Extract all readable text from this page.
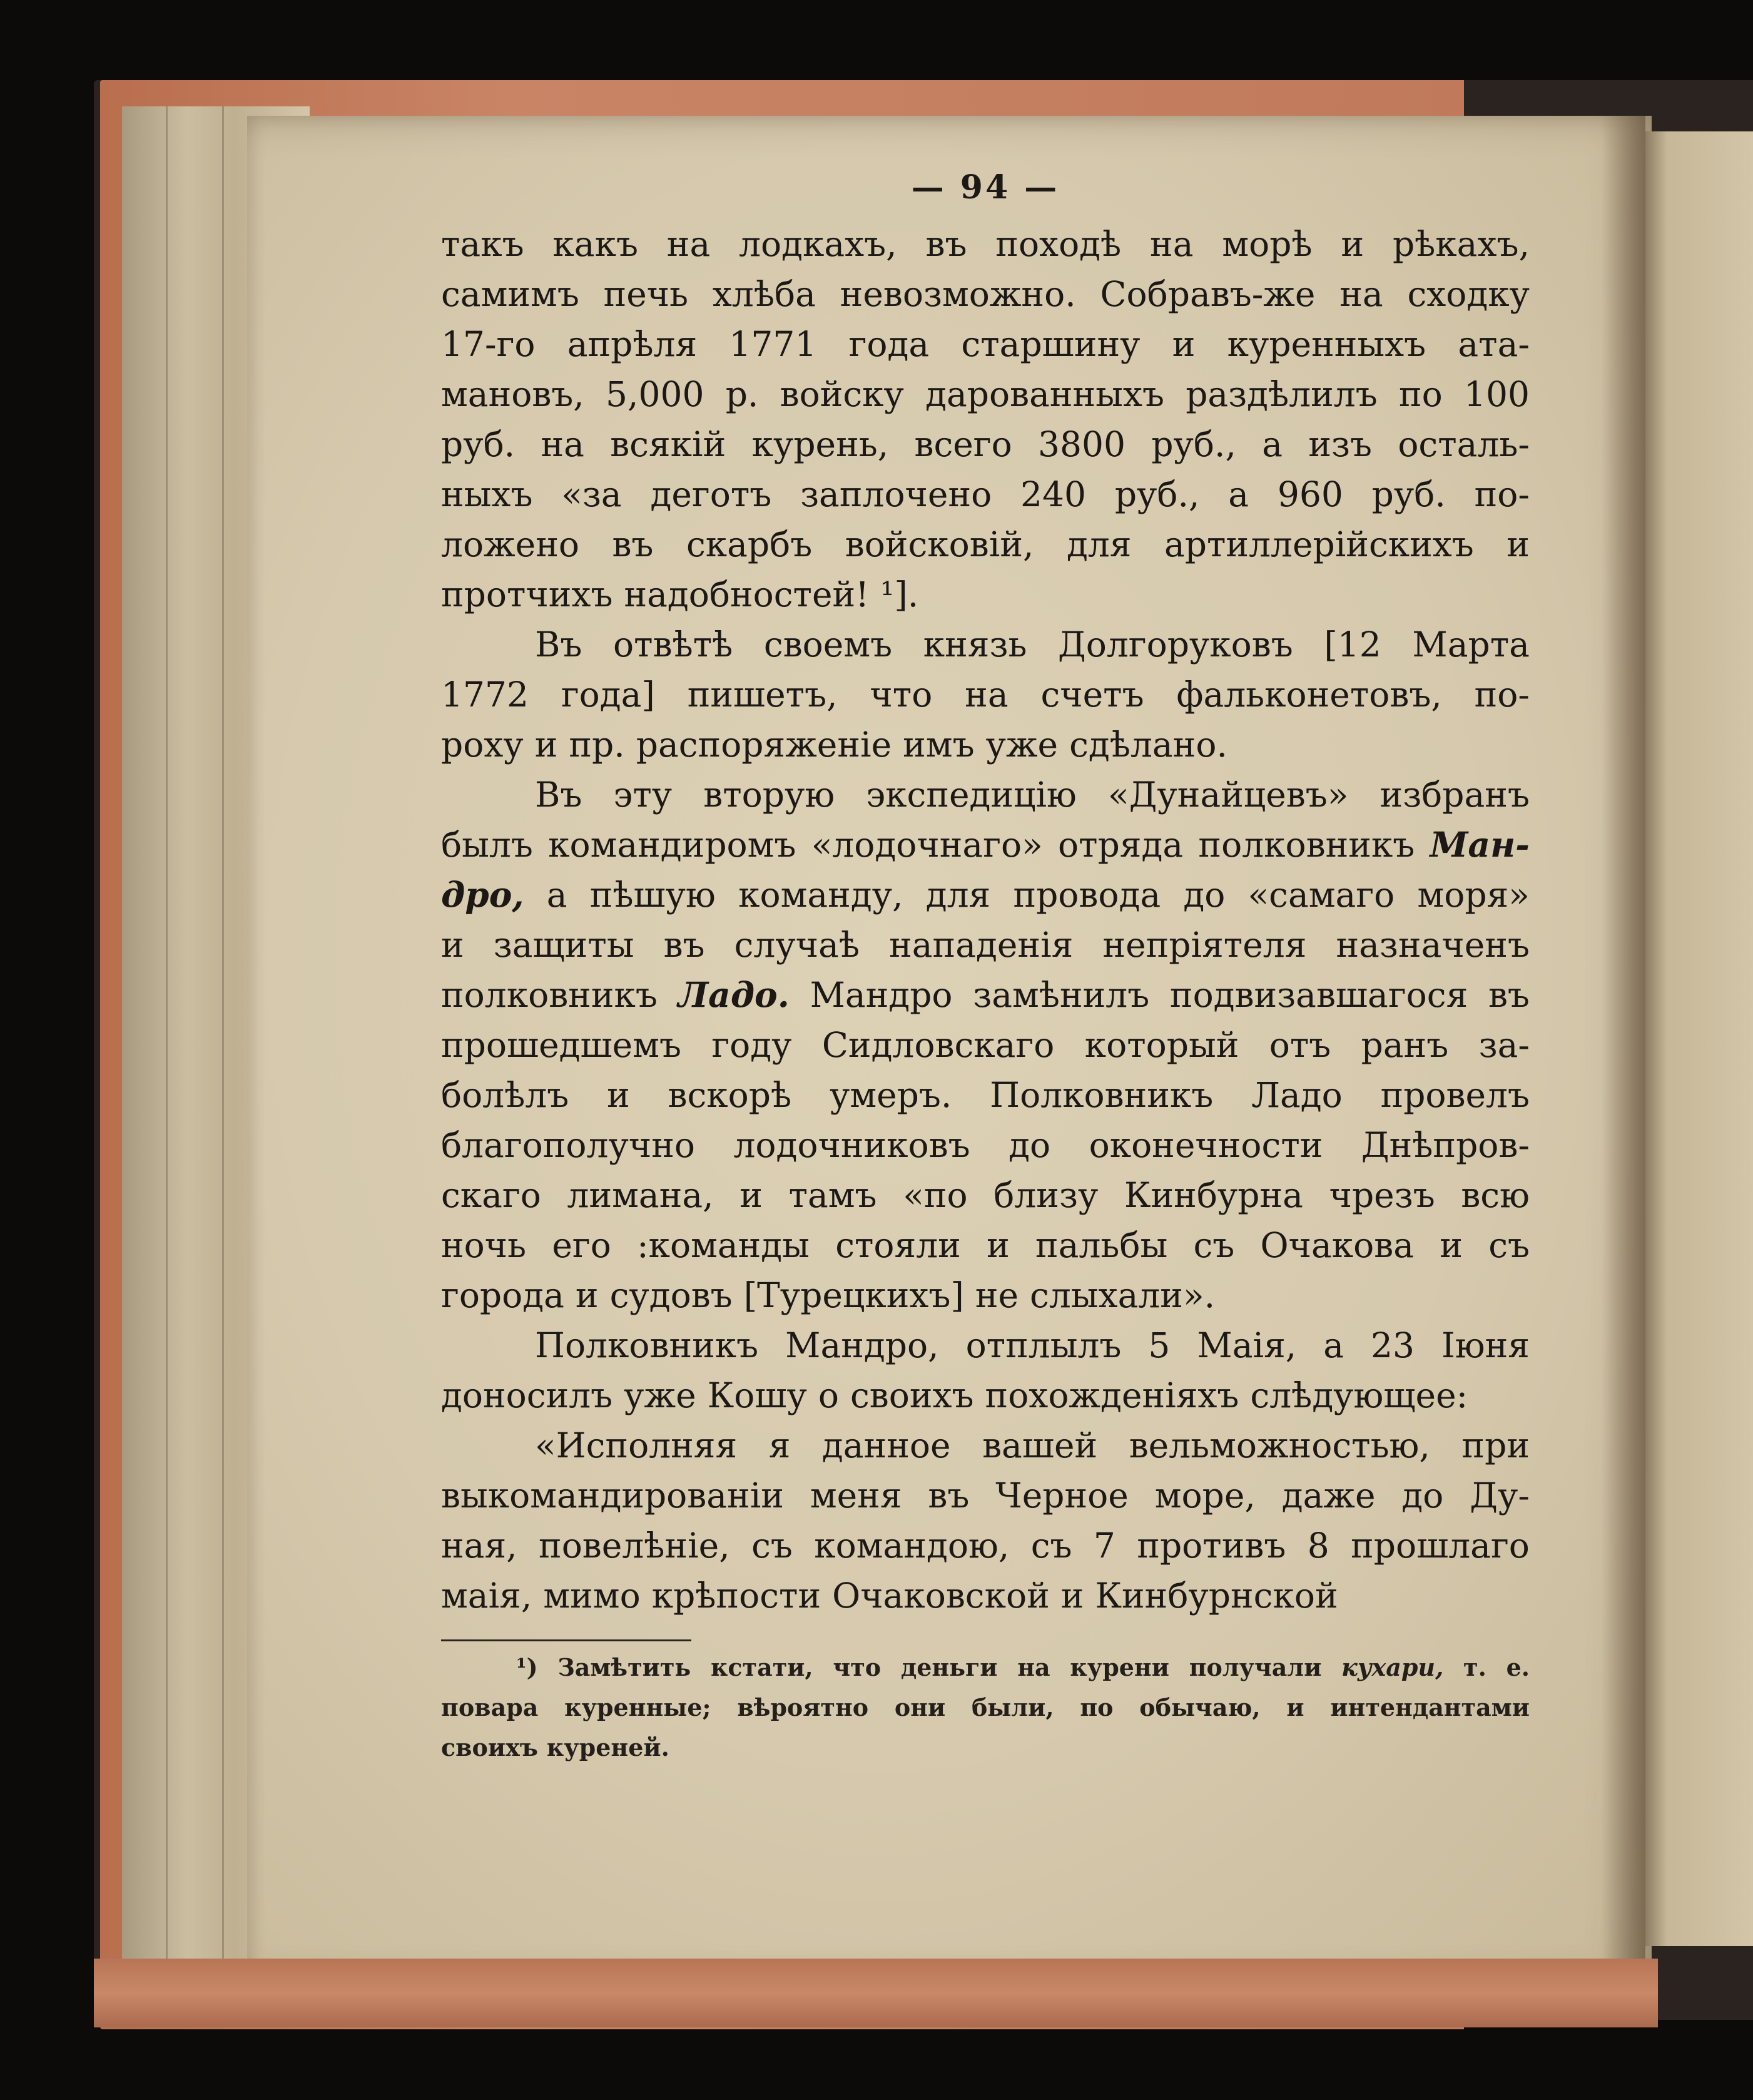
— 94 —
такъ какъ на лодкахъ, въ походѣ на морѣ и рѣкахъ,
самимъ печь хлѣба невозможно. Собравъ-же на сходку
17-го апрѣля 1771 года старшину и куренныхъ ата-
мановъ, 5,000 р. войску дарованныхъ раздѣлилъ по 100
руб. на всякій курень, всего 3800 руб., а изъ осталь-
ныхъ «за деготъ заплочено 240 руб., а 960 руб. по-
ложено въ скарбъ войсковій, для артиллерійскихъ и
протчихъ надобностей! ¹].
Въ отвѣтѣ своемъ князь Долгоруковъ [12 Марта
1772 года] пишетъ, что на счетъ фальконетовъ, по-
роху и пр. распоряженіе имъ уже сдѣлано.
Въ эту вторую экспедицію «Дунайцевъ» избранъ
былъ командиромъ «лодочнаго» отряда полковникъ Ман-
дро, а пѣшую команду, для провода до «самаго моря»
и защиты въ случаѣ нападенія непріятеля назначенъ
полковникъ Ладо. Мандро замѣнилъ подвизавшагося въ
прошедшемъ году Сидловскаго который отъ ранъ за-
болѣлъ и вскорѣ умеръ. Полковникъ Ладо провелъ
благополучно лодочниковъ до оконечности Днѣпров-
скаго лимана, и тамъ «по близу Кинбурна чрезъ всю
ночь его :команды стояли и пальбы съ Очакова и съ
города и судовъ [Турецкихъ] не слыхали».
Полковникъ Мандро, отплылъ 5 Маія, а 23 Іюня
доносилъ уже Кошу о своихъ похожденіяхъ слѣдующее:
«Исполняя я данное вашей вельможностью, при
выкомандированіи меня въ Черное море, даже до Ду-
ная, повелѣніе, съ командою, съ 7 противъ 8 прошлаго
маія, мимо крѣпости Очаковской и Кинбурнской
¹) Замѣтить кстати, что деньги на курени получали кухари, т. е.
повара куренные; вѣроятно они были, по обычаю, и интендантами
своихъ куреней.
